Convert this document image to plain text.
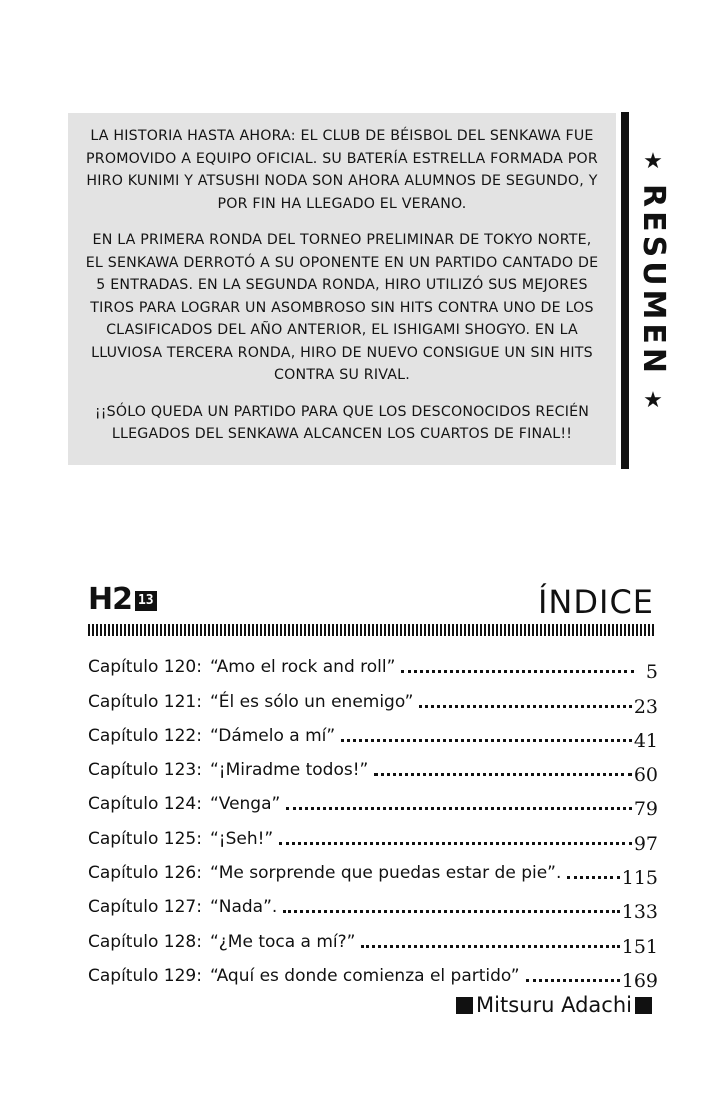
LA HISTORIA HASTA AHORA: EL CLUB DE BÉISBOL DEL SENKAWA FUE PROMOVIDO A EQUIPO OFICIAL. SU BATERÍA ESTRELLA FORMADA POR HIRO KUNIMI Y ATSUSHI NODA SON AHORA ALUMNOS DE SEGUNDO, Y POR FIN HA LLEGADO EL VERANO.

EN LA PRIMERA RONDA DEL TORNEO PRELIMINAR DE TOKYO NORTE, EL SENKAWA DERROTÓ A SU OPONENTE EN UN PARTIDO CANTADO DE 5 ENTRADAS. EN LA SEGUNDA RONDA, HIRO UTILIZÓ SUS MEJORES TIROS PARA LOGRAR UN ASOMBROSO SIN HITS CONTRA UNO DE LOS CLASIFICADOS DEL AÑO ANTERIOR, EL ISHIGAMI SHOGYO. EN LA LLUVIOSA TERCERA RONDA, HIRO DE NUEVO CONSIGUE UN SIN HITS CONTRA SU RIVAL.

¡¡SÓLO QUEDA UN PARTIDO PARA QUE LOS DESCONOCIDOS RECIÉN LLEGADOS DEL SENKAWA ALCANCEN LOS CUARTOS DE FINAL!!

★
RESUMEN
★
H2 13	ÍNDICE
Capítulo 120 : “Amo el rock and roll”	5
Capítulo 121 : “Él es sólo un enemigo”	23
Capítulo 122 : “Dámelo a mí”	41
Capítulo 123 : “¡Miradme todos!”	60
Capítulo 124 : “Venga”	79
Capítulo 125 : “¡Seh!”	97
Capítulo 126 : “Me sorprende que puedas estar de pie”.	115
Capítulo 127 : “Nada”.	133
Capítulo 128 : “¿Me toca a mí?”	151
Capítulo 129 : “Aquí es donde comienza el partido”	169
Mitsuru Adachi
